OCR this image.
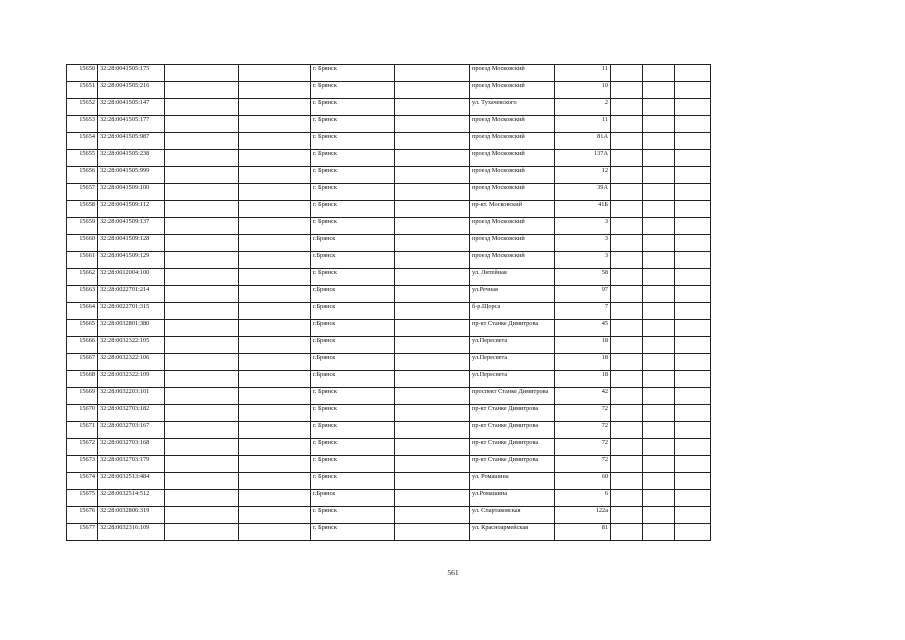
15650	32:28:0041505:175			г. Брянск		проезд Московский	11			
15651	32:28:0041505:216			г. Брянск		проезд Московский	10			
15652	32:28:0041505:147			г. Брянск		ул. Тухачевского	2			
15653	32:28:0041505:177			г. Брянск		проезд Московский	11			
15654	32:28:0041505:987			г. Брянск		проезд Московский	81А			
15655	32:28:0041505:238			г. Брянск		проезд Московский	137А			
15656	32:28:0041505:999			г. Брянск		проезд Московский	12			
15657	32:28:0041509:100			г. Брянск		проезд Московский	39А			
15658	32:28:0041509:112			г. Брянск		пр-кт. Московский	41Б			
15659	32:28:0041509:137			г. Брянск		проезд Московский	3			
15660	32:28:0041509:128			г.Брянск		проезд Московский	3			
15661	32:28:0041509:129			г.Брянск		проезд Московский	3			
15662	32:28:0012004:100			г. Брянск		ул. Литейная	58			
15663	32:28:0022701:214			г.Брянск		ул.Речная	97			
15664	32:28:0022701:315			г.Брянск		б-р.Щорса	7			
15665	32:28:0032801:380			г.Брянск		пр-кт Станке Димитрова	45			
15666	32:28:0032322:105			г.Брянск		ул.Пересвета	18			
15667	32:28:0032322:106			г.Брянск		ул.Пересвета	18			
15668	32:28:0032322:109			г.Брянск		ул.Пересвета	18			
15669	32:28:0032203:101			г. Брянск		проспект Станке Димитрова	42			
15670	32:28:0032703:182			г. Брянск		пр-кт Станке Димитрова	72			
15671	32:28:0032703:167			г. Брянск		пр-кт Станке Димитрова	72			
15672	32:28:0032703:168			г. Брянск		пр-кт Станке Димитрова	72			
15673	32:28:0032703:179			г. Брянск		пр-кт Станке Димитрова	72			
15674	32:28:0032513:484			г. Брянск		ул. Ромашина	60			
15675	32:28:0032514:512			г.Брянск		ул.Ромашина	6			
15676	32:28:0032806:319			г. Брянск		ул. Спартаковская	122а			
15677	32:28:0032316:109			г. Брянск		ул. Красноармейская	81			
561
